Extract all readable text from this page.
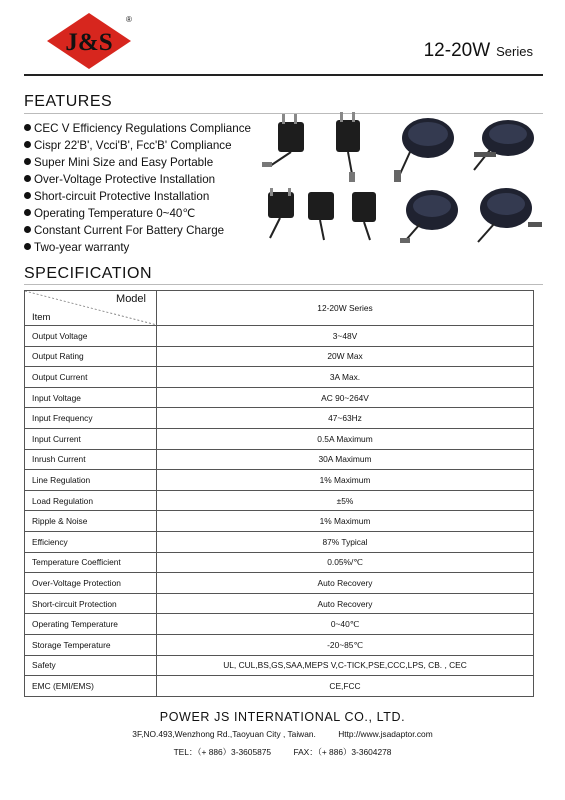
J&S
®
12-20W Series
FEATURES
CEC V Efficiency Regulations Compliance
Cispr 22'B', Vcci'B', Fcc'B' Compliance
Super Mini Size and Easy Portable
Over-Voltage Protective Installation
Short-circuit Protective Installation
Operating Temperature 0~40℃
Constant Current For Battery Charge
Two-year warranty
SPECIFICATION
Model
Item	12-20W Series
Output Voltage	3~48V
Output Rating	20W Max
Output Current	3A Max.
Input Voltage	AC 90~264V
Input Frequency	47~63Hz
Input Current	0.5A Maximum
Inrush Current	30A Maximum
Line Regulation	1% Maximum
Load Regulation	±5%
Ripple & Noise	1% Maximum
Efficiency	87% Typical
Temperature Coefficient	0.05%/℃
Over-Voltage Protection	Auto Recovery
Short-circuit Protection	Auto Recovery
Operating Temperature	0~40℃
Storage Temperature	-20~85℃
Safety	UL, CUL,BS,GS,SAA,MEPS V,C-TICK,PSE,CCC,LPS, CB. , CEC
EMC (EMI/EMS)	CE,FCC
POWER JS INTERNATIONAL CO., LTD.
3F,NO.493,Wenzhong Rd.,Taoyuan City , Taiwan.	Http://www.jsadaptor.com
TEL：（+ 886）3-3605875	FAX：（+ 886）3-3604278
